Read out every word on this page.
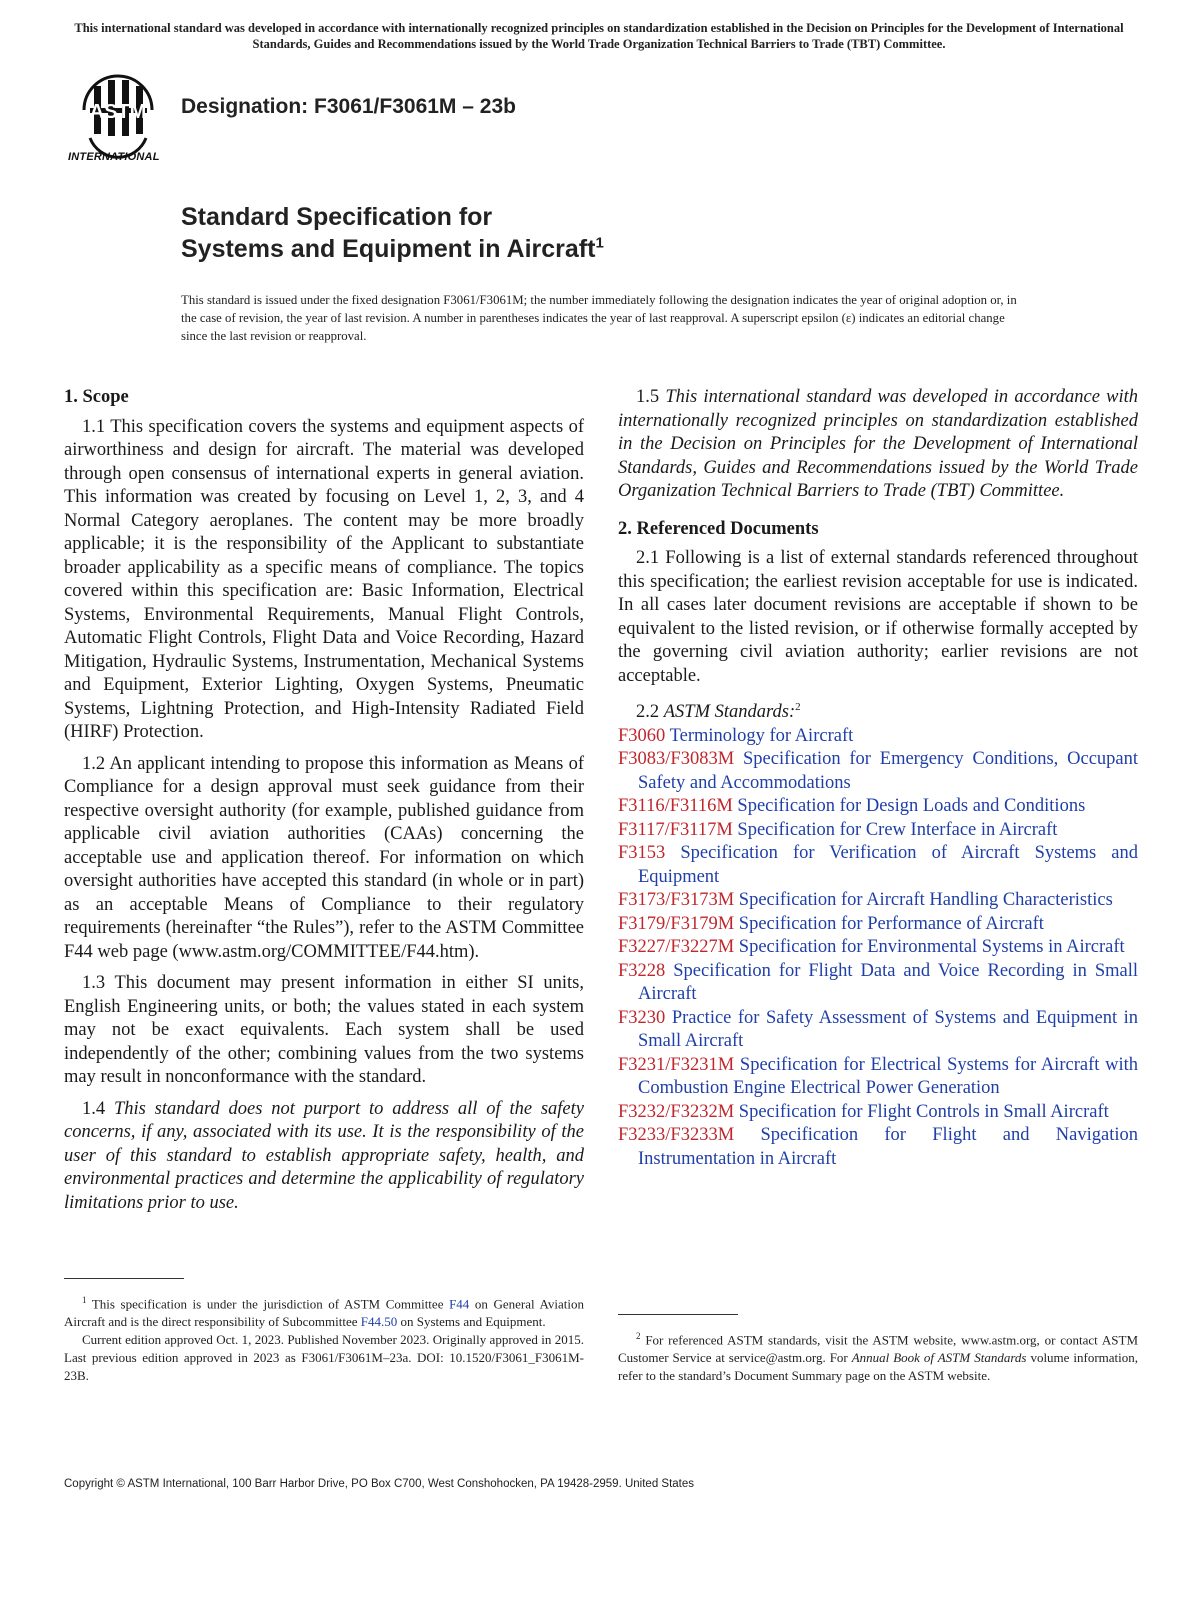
This international standard was developed in accordance with internationally recognized principles on standardization established in the Decision on Principles for the Development of International Standards, Guides and Recommendations issued by the World Trade Organization Technical Barriers to Trade (TBT) Committee.
ASTM
INTERNATIONAL
Designation: F3061/F3061M – 23b
Standard Specification for
Systems and Equipment in Aircraft$^1$
This standard is issued under the fixed designation F3061/F3061M; the number immediately following the designation indicates the year of original adoption or, in the case of revision, the year of last revision. A number in parentheses indicates the year of last reapproval. A superscript epsilon (ε) indicates an editorial change since the last revision or reapproval.
1. Scope

1.1 This specification covers the systems and equipment aspects of airworthiness and design for aircraft. The material was developed through open consensus of international experts in general aviation. This information was created by focusing on Level 1, 2, 3, and 4 Normal Category aeroplanes. The content may be more broadly applicable; it is the responsibility of the Applicant to substantiate broader applicability as a specific means of compliance. The topics covered within this specification are: Basic Information, Electrical Systems, Environmental Requirements, Manual Flight Controls, Automatic Flight Controls, Flight Data and Voice Recording, Hazard Mitigation, Hydraulic Systems, Instrumentation, Mechanical Systems and Equipment, Exterior Lighting, Oxygen Systems, Pneumatic Systems, Lightning Protection, and High-Intensity Radiated Field (HIRF) Protection.

1.2 An applicant intending to propose this information as Means of Compliance for a design approval must seek guidance from their respective oversight authority (for example, published guidance from applicable civil aviation authorities (CAAs) concerning the acceptable use and application thereof. For information on which oversight authorities have accepted this standard (in whole or in part) as an acceptable Means of Compliance to their regulatory requirements (hereinafter “the Rules”), refer to the ASTM Committee F44 web page (www.astm.org/COMMITTEE/F44.htm).

1.3 This document may present information in either SI units, English Engineering units, or both; the values stated in each system may not be exact equivalents. Each system shall be used independently of the other; combining values from the two systems may result in nonconformance with the standard.

1.4 This standard does not purport to address all of the safety concerns, if any, associated with its use. It is the responsibility of the user of this standard to establish appropriate safety, health, and environmental practices and determine the applicability of regulatory limitations prior to use.

1.5 This international standard was developed in accordance with internationally recognized principles on standardization established in the Decision on Principles for the Development of International Standards, Guides and Recommendations issued by the World Trade Organization Technical Barriers to Trade (TBT) Committee.

2. Referenced Documents

2.1 Following is a list of external standards referenced throughout this specification; the earliest revision acceptable for use is indicated. In all cases later document revisions are acceptable if shown to be equivalent to the listed revision, or if otherwise formally accepted by the governing civil aviation authority; earlier revisions are not acceptable.

2.2 ASTM Standards:$^2$

F3060 Terminology for Aircraft

F3083/F3083M Specification for Emergency Conditions, Occupant Safety and Accommodations

F3116/F3116M Specification for Design Loads and Conditions

F3117/F3117M Specification for Crew Interface in Aircraft

F3153 Specification for Verification of Aircraft Systems and Equipment

F3173/F3173M Specification for Aircraft Handling Characteristics

F3179/F3179M Specification for Performance of Aircraft

F3227/F3227M Specification for Environmental Systems in Aircraft

F3228 Specification for Flight Data and Voice Recording in Small Aircraft

F3230 Practice for Safety Assessment of Systems and Equipment in Small Aircraft

F3231/F3231M Specification for Electrical Systems for Aircraft with Combustion Engine Electrical Power Generation

F3232/F3232M Specification for Flight Controls in Small Aircraft

F3233/F3233M Specification for Flight and Navigation Instrumentation in Aircraft

$^1$ This specification is under the jurisdiction of ASTM Committee F44 on General Aviation Aircraft and is the direct responsibility of Subcommittee F44.50 on Systems and Equipment.

Current edition approved Oct. 1, 2023. Published November 2023. Originally approved in 2015. Last previous edition approved in 2023 as F3061/F3061M–23a. DOI: 10.1520/F3061_F3061M-23B.

$^2$ For referenced ASTM standards, visit the ASTM website, www.astm.org, or contact ASTM Customer Service at service@astm.org. For Annual Book of ASTM Standards volume information, refer to the standard’s Document Summary page on the ASTM website.

Copyright © ASTM International, 100 Barr Harbor Drive, PO Box C700, West Conshohocken, PA 19428-2959. United States
